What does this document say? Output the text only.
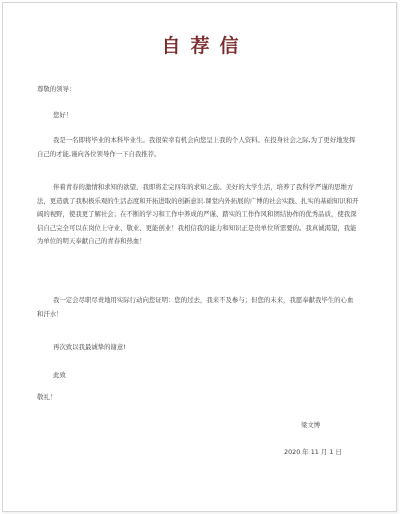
自荐信
尊敬的领导：
您好！
我是一名即将毕业的本科毕业生。我很荣幸有机会向您呈上我的个人资料。在投身社会之际,为了更好地发挥自己的才能,谨向各位领导作一下自我推荐。
伴着青春的激情和求知的欲望，我即将走完四年的求知之旅。美好的大学生活，培养了我科学严谨的思维方法，更造就了我积极乐观的生活态度和开拓进取的创新意识.课堂内外拓展的广博的社会实践、扎实的基础知识和开阔的视野，使我更了解社会；在不断的学习和工作中养成的严谨、踏实的工作作风和团结协作的优秀品质，使我深信自己完全可以在岗位上守业、敬业、更能创业！我相信我的能力和知识正是贵单位所需要的。我真诚渴望，我能为单位的明天奉献自己的青春和热血！
我一定会尽职尽责地用实际行动向您证明：您的过去，我来不及参与；但您的未来，我愿奉献我毕生的心血和汗水！
再次致以我最诚挚的谢意!
此致
敬礼！
梁文博
2020 年 11 月 1 日
